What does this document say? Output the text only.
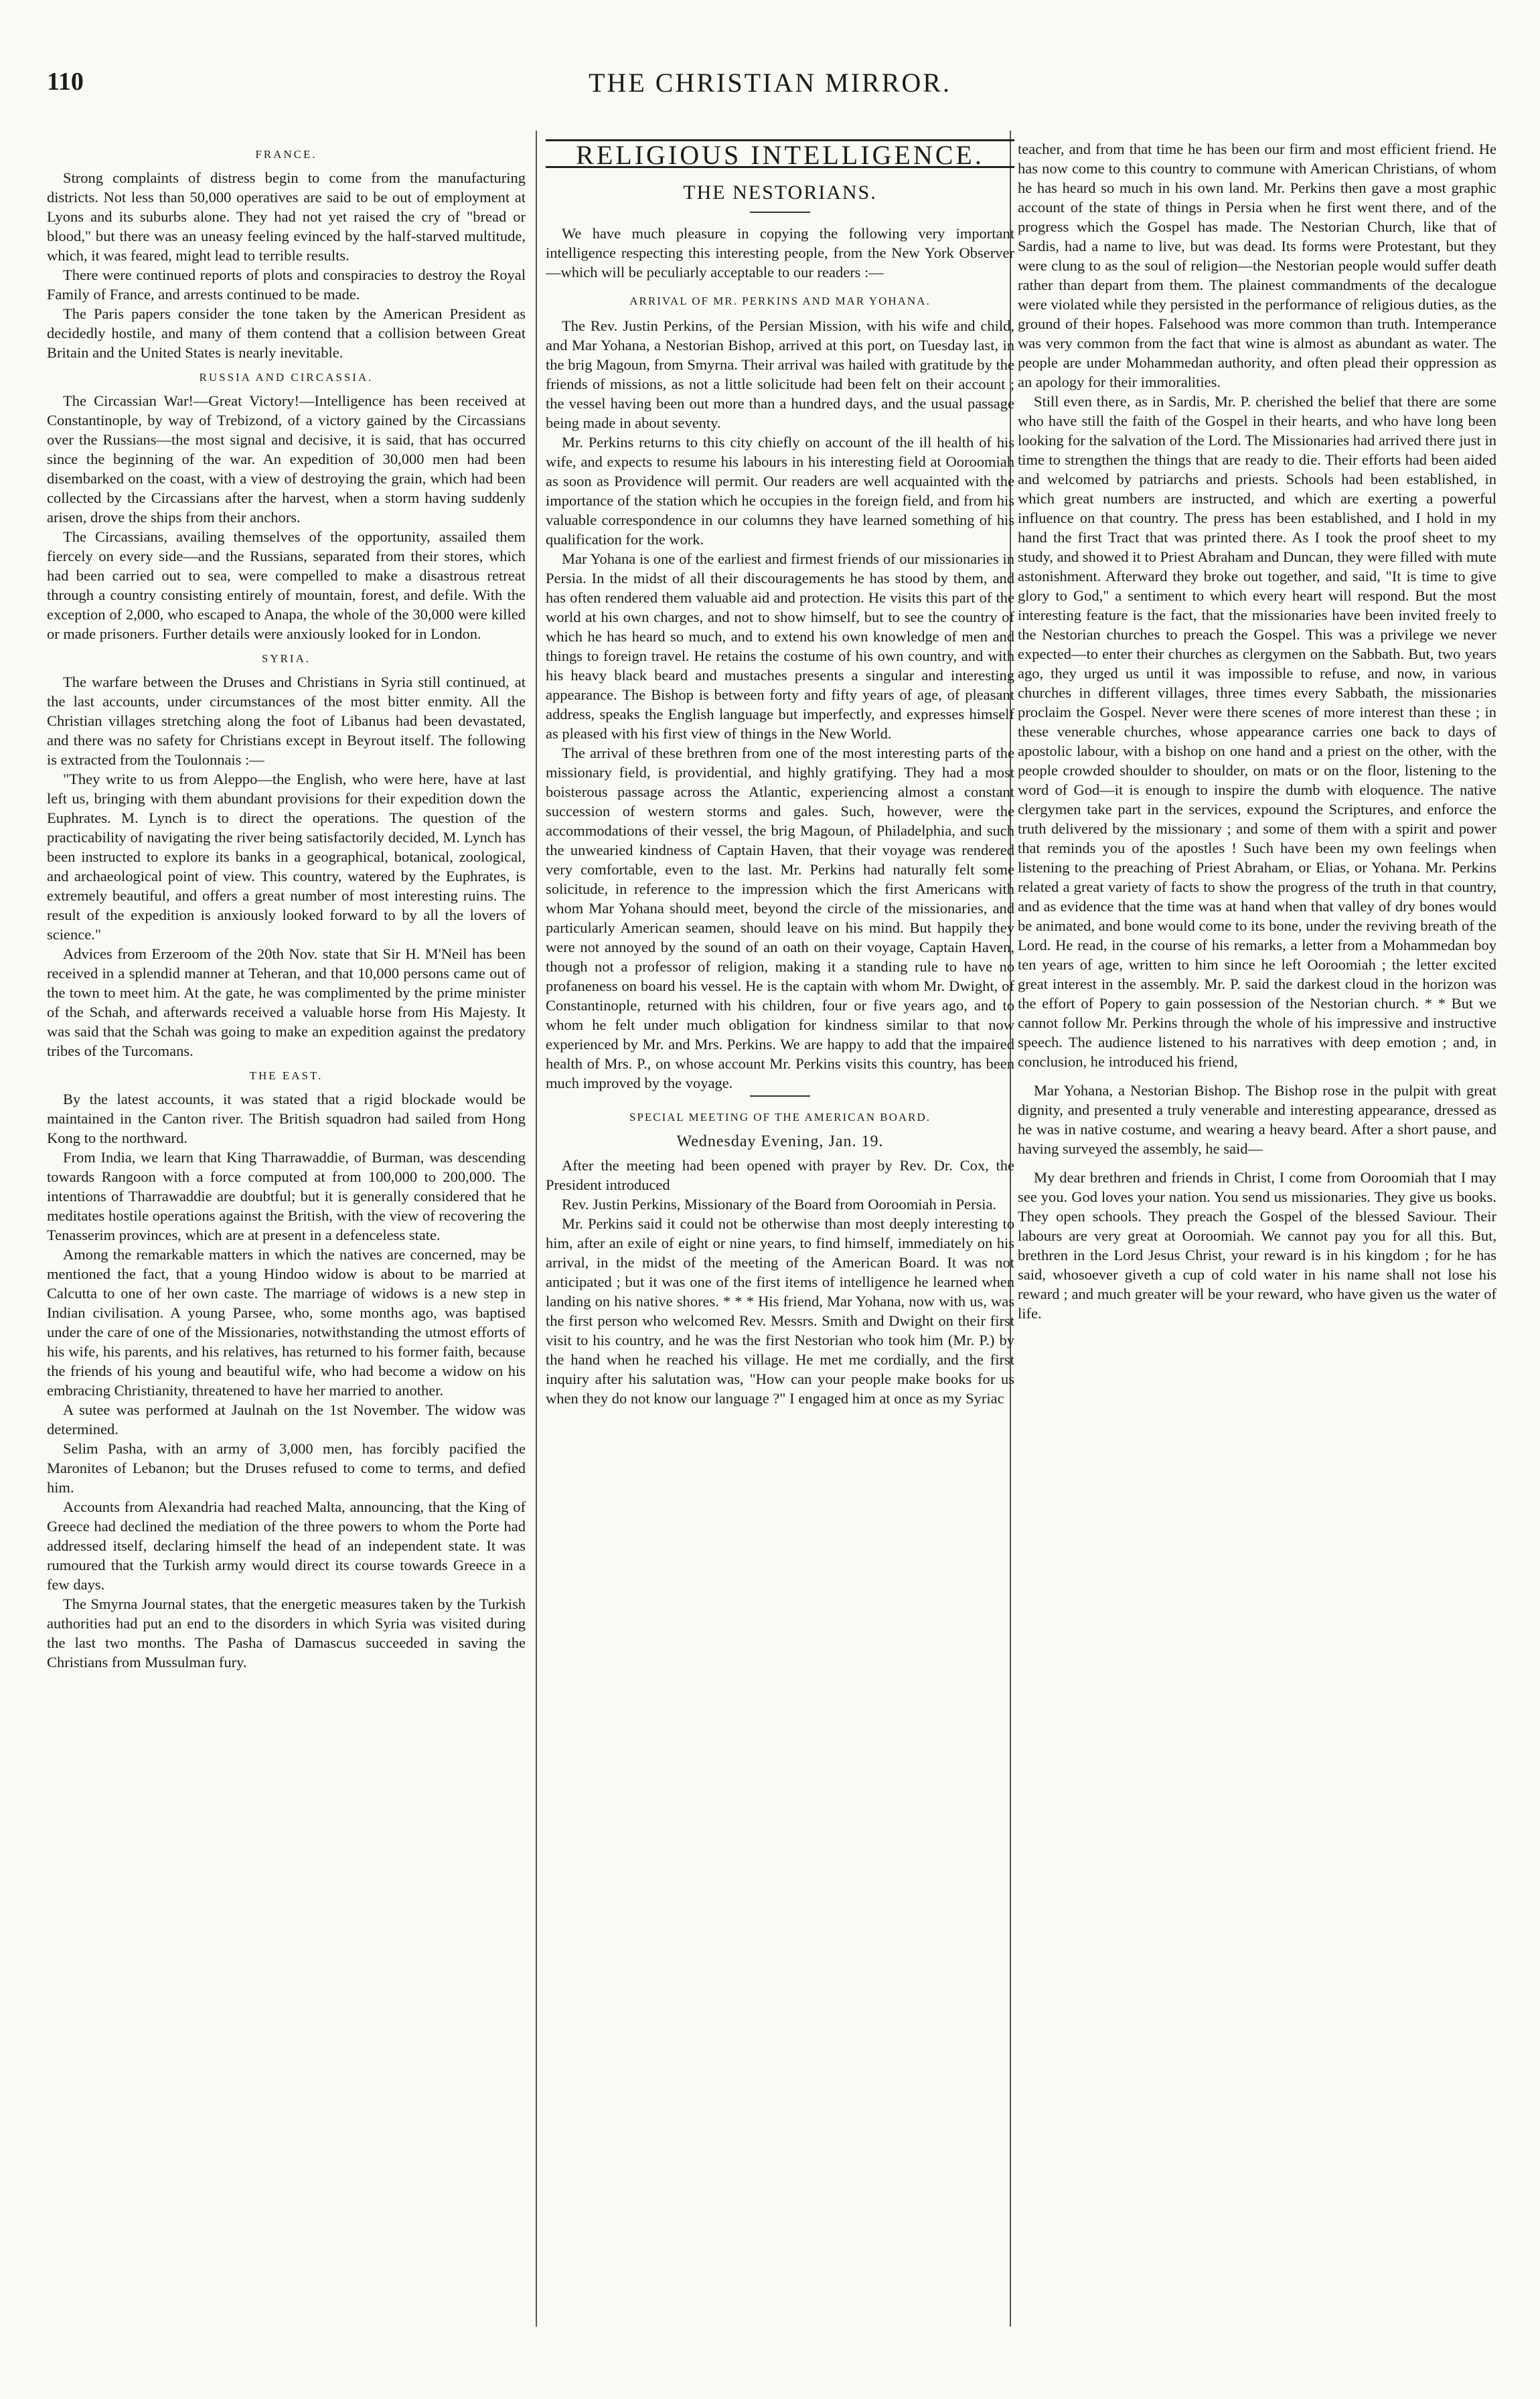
110	THE CHRISTIAN MIRROR.
FRANCE.

Strong complaints of distress begin to come from the manufacturing districts. Not less than 50,000 operatives are said to be out of employment at Lyons and its suburbs alone. They had not yet raised the cry of "bread or blood," but there was an uneasy feeling evinced by the half-starved multitude, which, it was feared, might lead to terrible results.

There were continued reports of plots and conspiracies to destroy the Royal Family of France, and arrests continued to be made.

The Paris papers consider the tone taken by the American President as decidedly hostile, and many of them contend that a collision between Great Britain and the United States is nearly inevitable.

RUSSIA AND CIRCASSIA.

The Circassian War!—Great Victory!—Intelligence has been received at Constantinople, by way of Trebizond, of a victory gained by the Circassians over the Russians—the most signal and decisive, it is said, that has occurred since the beginning of the war. An expedition of 30,000 men had been disembarked on the coast, with a view of destroying the grain, which had been collected by the Circassians after the harvest, when a storm having suddenly arisen, drove the ships from their anchors.

The Circassians, availing themselves of the opportunity, assailed them fiercely on every side—and the Russians, separated from their stores, which had been carried out to sea, were compelled to make a disastrous retreat through a country consisting entirely of mountain, forest, and defile. With the exception of 2,000, who escaped to Anapa, the whole of the 30,000 were killed or made prisoners. Further details were anxiously looked for in London.

SYRIA.

The warfare between the Druses and Christians in Syria still continued, at the last accounts, under circumstances of the most bitter enmity. All the Christian villages stretching along the foot of Libanus had been devastated, and there was no safety for Christians except in Beyrout itself. The following is extracted from the Toulonnais :—

"They write to us from Aleppo—the English, who were here, have at last left us, bringing with them abundant provisions for their expedition down the Euphrates. M. Lynch is to direct the operations. The question of the practicability of navigating the river being satisfactorily decided, M. Lynch has been instructed to explore its banks in a geographical, botanical, zoological, and archaeological point of view. This country, watered by the Euphrates, is extremely beautiful, and offers a great number of most interesting ruins. The result of the expedition is anxiously looked forward to by all the lovers of science."

Advices from Erzeroom of the 20th Nov. state that Sir H. M'Neil has been received in a splendid manner at Teheran, and that 10,000 persons came out of the town to meet him. At the gate, he was complimented by the prime minister of the Schah, and afterwards received a valuable horse from His Majesty. It was said that the Schah was going to make an expedition against the predatory tribes of the Turcomans.

THE EAST.

By the latest accounts, it was stated that a rigid blockade would be maintained in the Canton river. The British squadron had sailed from Hong Kong to the northward.

From India, we learn that King Tharrawaddie, of Burman, was descending towards Rangoon with a force computed at from 100,000 to 200,000. The intentions of Tharrawaddie are doubtful; but it is generally considered that he meditates hostile operations against the British, with the view of recovering the Tenasserim provinces, which are at present in a defenceless state.

Among the remarkable matters in which the natives are concerned, may be mentioned the fact, that a young Hindoo widow is about to be married at Calcutta to one of her own caste. The marriage of widows is a new step in Indian civilisation. A young Parsee, who, some months ago, was baptised under the care of one of the Missionaries, notwithstanding the utmost efforts of his wife, his parents, and his relatives, has returned to his former faith, because the friends of his young and beautiful wife, who had become a widow on his embracing Christianity, threatened to have her married to another.

A sutee was performed at Jaulnah on the 1st November. The widow was determined.

Selim Pasha, with an army of 3,000 men, has forcibly pacified the Maronites of Lebanon; but the Druses refused to come to terms, and defied him.

Accounts from Alexandria had reached Malta, announcing, that the King of Greece had declined the mediation of the three powers to whom the Porte had addressed itself, declaring himself the head of an independent state. It was rumoured that the Turkish army would direct its course towards Greece in a few days.

The Smyrna Journal states, that the energetic measures taken by the Turkish authorities had put an end to the disorders in which Syria was visited during the last two months. The Pasha of Damascus succeeded in saving the Christians from Mussulman fury.

RELIGIOUS INTELLIGENCE.
THE NESTORIANS.

We have much pleasure in copying the following very important intelligence respecting this interesting people, from the New York Observer—which will be peculiarly acceptable to our readers :—

ARRIVAL OF MR. PERKINS AND MAR YOHANA.

The Rev. Justin Perkins, of the Persian Mission, with his wife and child, and Mar Yohana, a Nestorian Bishop, arrived at this port, on Tuesday last, in the brig Magoun, from Smyrna. Their arrival was hailed with gratitude by the friends of missions, as not a little solicitude had been felt on their account ; the vessel having been out more than a hundred days, and the usual passage being made in about seventy.

Mr. Perkins returns to this city chiefly on account of the ill health of his wife, and expects to resume his labours in his interesting field at Ooroomiah as soon as Providence will permit. Our readers are well acquainted with the importance of the station which he occupies in the foreign field, and from his valuable correspondence in our columns they have learned something of his qualification for the work.

Mar Yohana is one of the earliest and firmest friends of our missionaries in Persia. In the midst of all their discouragements he has stood by them, and has often rendered them valuable aid and protection. He visits this part of the world at his own charges, and not to show himself, but to see the country of which he has heard so much, and to extend his own knowledge of men and things to foreign travel. He retains the costume of his own country, and with his heavy black beard and mustaches presents a singular and interesting appearance. The Bishop is between forty and fifty years of age, of pleasant address, speaks the English language but imperfectly, and expresses himself as pleased with his first view of things in the New World.

The arrival of these brethren from one of the most interesting parts of the missionary field, is providential, and highly gratifying. They had a most boisterous passage across the Atlantic, experiencing almost a constant succession of western storms and gales. Such, however, were the accommodations of their vessel, the brig Magoun, of Philadelphia, and such the unwearied kindness of Captain Haven, that their voyage was rendered very comfortable, even to the last. Mr. Perkins had naturally felt some solicitude, in reference to the impression which the first Americans with whom Mar Yohana should meet, beyond the circle of the missionaries, and particularly American seamen, should leave on his mind. But happily they were not annoyed by the sound of an oath on their voyage, Captain Haven, though not a professor of religion, making it a standing rule to have no profaneness on board his vessel. He is the captain with whom Mr. Dwight, of Constantinople, returned with his children, four or five years ago, and to whom he felt under much obligation for kindness similar to that now experienced by Mr. and Mrs. Perkins. We are happy to add that the impaired health of Mrs. P., on whose account Mr. Perkins visits this country, has been much improved by the voyage.

SPECIAL MEETING OF THE AMERICAN BOARD.
Wednesday Evening, Jan. 19.

After the meeting had been opened with prayer by Rev. Dr. Cox, the President introduced

Rev. Justin Perkins, Missionary of the Board from Ooroomiah in Persia.

Mr. Perkins said it could not be otherwise than most deeply interesting to him, after an exile of eight or nine years, to find himself, immediately on his arrival, in the midst of the meeting of the American Board. It was not anticipated ; but it was one of the first items of intelligence he learned when landing on his native shores. * * * His friend, Mar Yohana, now with us, was the first person who welcomed Rev. Messrs. Smith and Dwight on their first visit to his country, and he was the first Nestorian who took him (Mr. P.) by the hand when he reached his village. He met me cordially, and the first inquiry after his salutation was, "How can your people make books for us when they do not know our language ?" I engaged him at once as my Syriac

teacher, and from that time he has been our firm and most efficient friend. He has now come to this country to commune with American Christians, of whom he has heard so much in his own land. Mr. Perkins then gave a most graphic account of the state of things in Persia when he first went there, and of the progress which the Gospel has made. The Nestorian Church, like that of Sardis, had a name to live, but was dead. Its forms were Protestant, but they were clung to as the soul of religion—the Nestorian people would suffer death rather than depart from them. The plainest commandments of the decalogue were violated while they persisted in the performance of religious duties, as the ground of their hopes. Falsehood was more common than truth. Intemperance was very common from the fact that wine is almost as abundant as water. The people are under Mohammedan authority, and often plead their oppression as an apology for their immoralities.

Still even there, as in Sardis, Mr. P. cherished the belief that there are some who have still the faith of the Gospel in their hearts, and who have long been looking for the salvation of the Lord. The Missionaries had arrived there just in time to strengthen the things that are ready to die. Their efforts had been aided and welcomed by patriarchs and priests. Schools had been established, in which great numbers are instructed, and which are exerting a powerful influence on that country. The press has been established, and I hold in my hand the first Tract that was printed there. As I took the proof sheet to my study, and showed it to Priest Abraham and Duncan, they were filled with mute astonishment. Afterward they broke out together, and said, "It is time to give glory to God," a sentiment to which every heart will respond. But the most interesting feature is the fact, that the missionaries have been invited freely to the Nestorian churches to preach the Gospel. This was a privilege we never expected—to enter their churches as clergymen on the Sabbath. But, two years ago, they urged us until it was impossible to refuse, and now, in various churches in different villages, three times every Sabbath, the missionaries proclaim the Gospel. Never were there scenes of more interest than these ; in these venerable churches, whose appearance carries one back to days of apostolic labour, with a bishop on one hand and a priest on the other, with the people crowded shoulder to shoulder, on mats or on the floor, listening to the word of God—it is enough to inspire the dumb with eloquence. The native clergymen take part in the services, expound the Scriptures, and enforce the truth delivered by the missionary ; and some of them with a spirit and power that reminds you of the apostles ! Such have been my own feelings when listening to the preaching of Priest Abraham, or Elias, or Yohana. Mr. Perkins related a great variety of facts to show the progress of the truth in that country, and as evidence that the time was at hand when that valley of dry bones would be animated, and bone would come to its bone, under the reviving breath of the Lord. He read, in the course of his remarks, a letter from a Mohammedan boy ten years of age, written to him since he left Ooroomiah ; the letter excited great interest in the assembly. Mr. P. said the darkest cloud in the horizon was the effort of Popery to gain possession of the Nestorian church. * * But we cannot follow Mr. Perkins through the whole of his impressive and instructive speech. The audience listened to his narratives with deep emotion ; and, in conclusion, he introduced his friend,

Mar Yohana, a Nestorian Bishop. The Bishop rose in the pulpit with great dignity, and presented a truly venerable and interesting appearance, dressed as he was in native costume, and wearing a heavy beard. After a short pause, and having surveyed the assembly, he said—

My dear brethren and friends in Christ, I come from Ooroomiah that I may see you. God loves your nation. You send us missionaries. They give us books. They open schools. They preach the Gospel of the blessed Saviour. Their labours are very great at Ooroomiah. We cannot pay you for all this. But, brethren in the Lord Jesus Christ, your reward is in his kingdom ; for he has said, whosoever giveth a cup of cold water in his name shall not lose his reward ; and much greater will be your reward, who have given us the water of life.
